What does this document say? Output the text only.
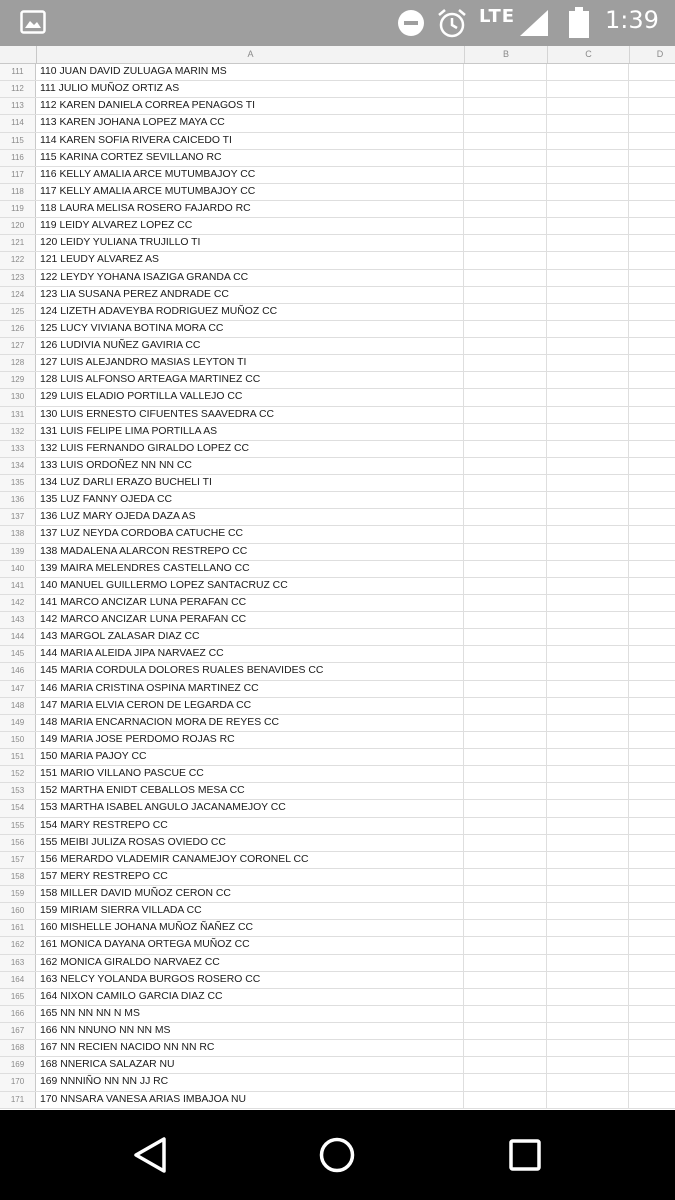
LTE	1:39
A	B	C	D
111	110 JUAN DAVID ZULUAGA MARIN MS
112	111 JULIO MUÑOZ ORTIZ AS
113	112 KAREN DANIELA CORREA PENAGOS TI
114	113 KAREN JOHANA LOPEZ MAYA CC
115	114 KAREN SOFIA RIVERA CAICEDO TI
116	115 KARINA CORTEZ SEVILLANO RC
117	116 KELLY AMALIA ARCE MUTUMBAJOY CC
118	117 KELLY AMALIA ARCE MUTUMBAJOY CC
119	118 LAURA MELISA ROSERO FAJARDO RC
120	119 LEIDY ALVAREZ LOPEZ CC
121	120 LEIDY YULIANA TRUJILLO TI
122	121 LEUDY ALVAREZ AS
123	122 LEYDY YOHANA ISAZIGA GRANDA CC
124	123 LIA SUSANA PEREZ ANDRADE CC
125	124 LIZETH ADAVEYBA RODRIGUEZ MUÑOZ CC
126	125 LUCY VIVIANA BOTINA MORA CC
127	126 LUDIVIA NUÑEZ GAVIRIA CC
128	127 LUIS ALEJANDRO MASIAS LEYTON TI
129	128 LUIS ALFONSO ARTEAGA MARTINEZ CC
130	129 LUIS ELADIO PORTILLA VALLEJO CC
131	130 LUIS ERNESTO CIFUENTES SAAVEDRA CC
132	131 LUIS FELIPE LIMA PORTILLA AS
133	132 LUIS FERNANDO GIRALDO LOPEZ CC
134	133 LUIS ORDOÑEZ NN NN CC
135	134 LUZ DARLI ERAZO BUCHELI TI
136	135 LUZ FANNY OJEDA CC
137	136 LUZ MARY OJEDA DAZA AS
138	137 LUZ NEYDA CORDOBA CATUCHE CC
139	138 MADALENA ALARCON RESTREPO CC
140	139 MAIRA MELENDRES CASTELLANO CC
141	140 MANUEL GUILLERMO LOPEZ SANTACRUZ CC
142	141 MARCO ANCIZAR LUNA PERAFAN CC
143	142 MARCO ANCIZAR LUNA PERAFAN CC
144	143 MARGOL ZALASAR DIAZ CC
145	144 MARIA ALEIDA JIPA NARVAEZ CC
146	145 MARIA CORDULA DOLORES RUALES BENAVIDES CC
147	146 MARIA CRISTINA OSPINA MARTINEZ CC
148	147 MARIA ELVIA CERON DE LEGARDA CC
149	148 MARIA ENCARNACION MORA DE REYES CC
150	149 MARIA JOSE PERDOMO ROJAS RC
151	150 MARIA PAJOY CC
152	151 MARIO VILLANO PASCUE CC
153	152 MARTHA ENIDT CEBALLOS MESA CC
154	153 MARTHA ISABEL ANGULO JACANAMEJOY CC
155	154 MARY RESTREPO CC
156	155 MEIBI JULIZA ROSAS OVIEDO CC
157	156 MERARDO VLADEMIR CANAMEJOY CORONEL CC
158	157 MERY RESTREPO CC
159	158 MILLER DAVID MUÑOZ CERON CC
160	159 MIRIAM SIERRA VILLADA CC
161	160 MISHELLE JOHANA MUÑOZ ÑAÑEZ CC
162	161 MONICA DAYANA ORTEGA MUÑOZ CC
163	162 MONICA GIRALDO NARVAEZ CC
164	163 NELCY YOLANDA BURGOS ROSERO CC
165	164 NIXON CAMILO GARCIA DIAZ CC
166	165 NN NN NN N MS
167	166 NN NNUNO NN NN MS
168	167 NN RECIEN NACIDO NN NN RC
169	168 NNERICA SALAZAR NU
170	169 NNNIÑO NN NN JJ RC
171	170 NNSARA VANESA ARIAS IMBAJOA NU
